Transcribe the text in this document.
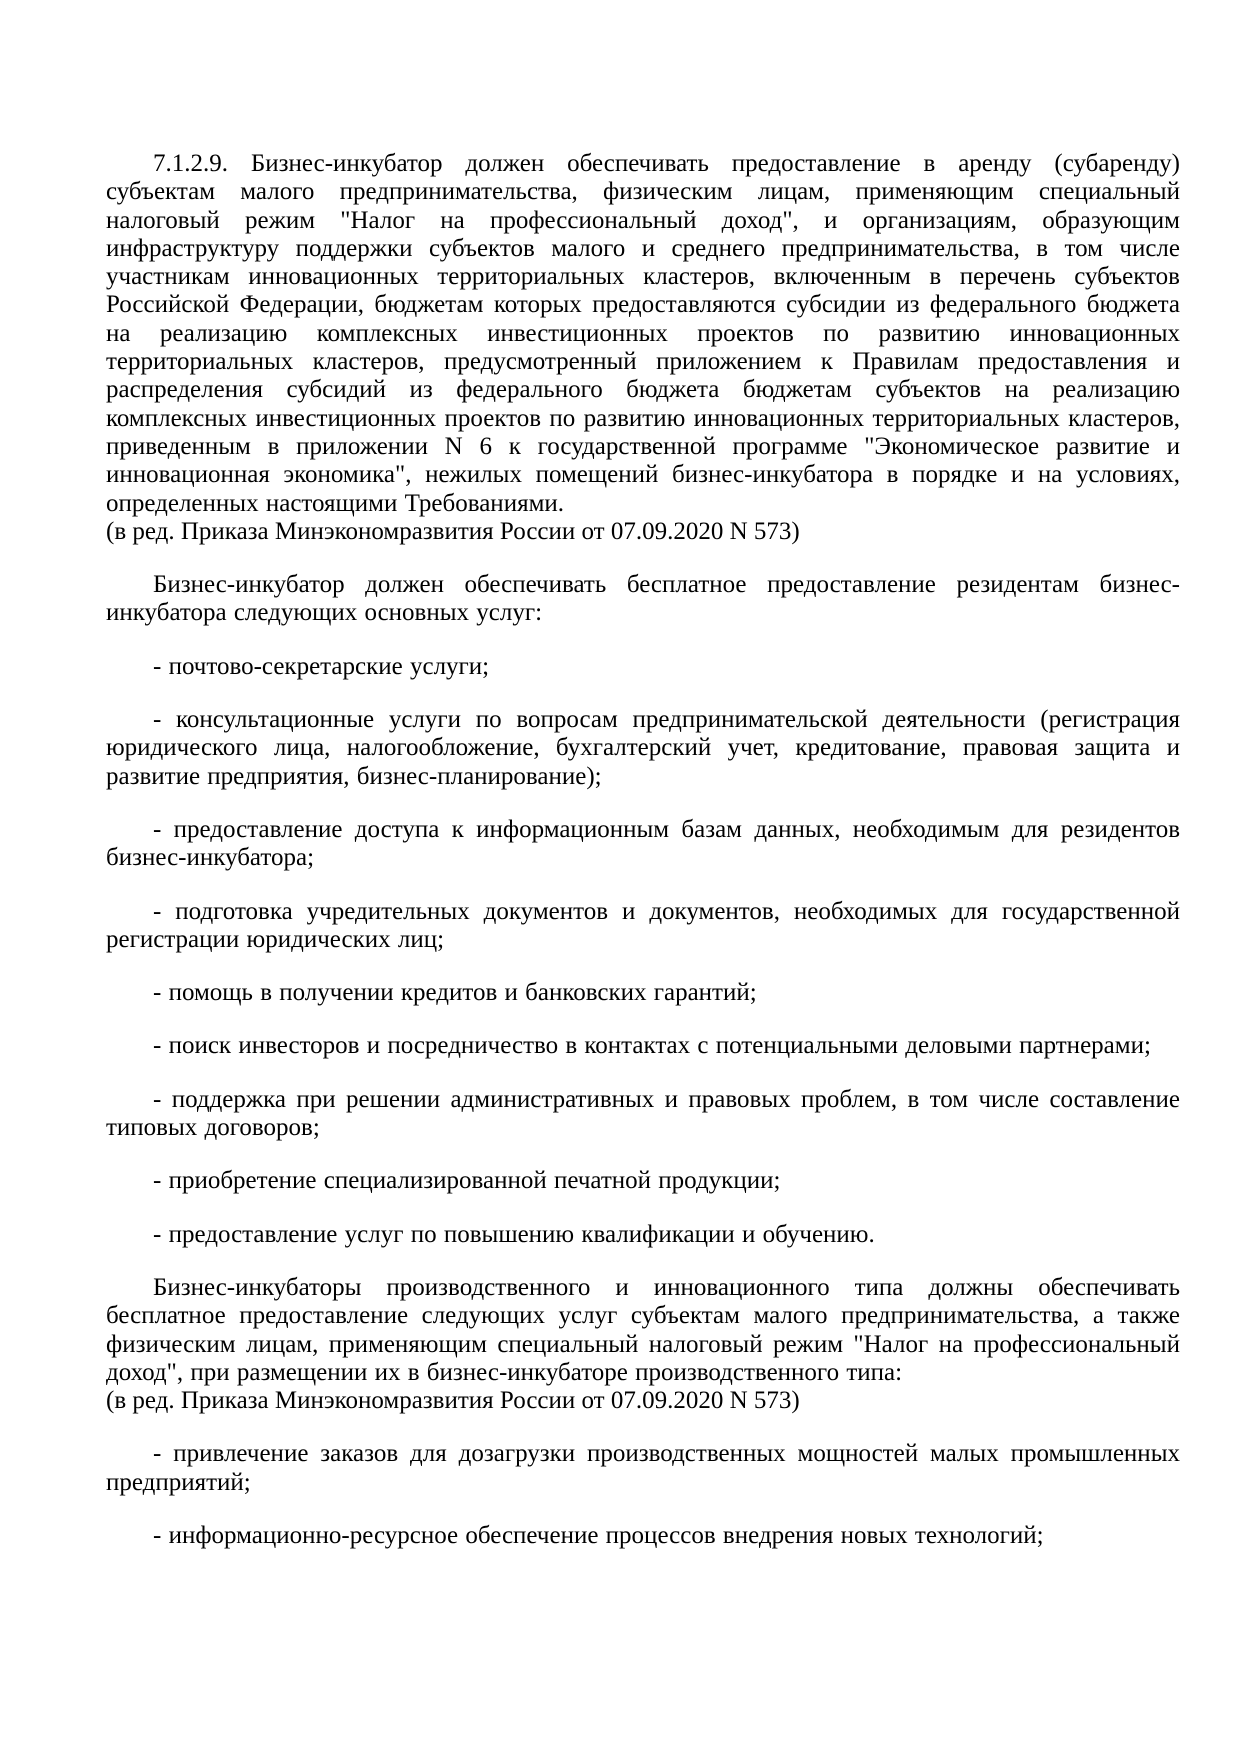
7.1.2.9. Бизнес-инкубатор должен обеспечивать предоставление в аренду (субаренду) субъектам малого предпринимательства, физическим лицам, применяющим специальный налоговый режим "Налог на профессиональный доход", и организациям, образующим инфраструктуру поддержки субъектов малого и среднего предпринимательства, в том числе участникам инновационных территориальных кластеров, включенным в перечень субъектов Российской Федерации, бюджетам которых предоставляются субсидии из федерального бюджета на реализацию комплексных инвестиционных проектов по развитию инновационных территориальных кластеров, предусмотренный приложением к Правилам предоставления и распределения субсидий из федерального бюджета бюджетам субъектов на реализацию комплексных инвестиционных проектов по развитию инновационных территориальных кластеров, приведенным в приложении N 6 к государственной программе "Экономическое развитие и инновационная экономика", нежилых помещений бизнес-инкубатора в порядке и на условиях, определенных настоящими Требованиями.

(в ред. Приказа Минэкономразвития России от 07.09.2020 N 573)

Бизнес-инкубатор должен обеспечивать бесплатное предоставление резидентам бизнес-инкубатора следующих основных услуг:

- почтово-секретарские услуги;

- консультационные услуги по вопросам предпринимательской деятельности (регистрация юридического лица, налогообложение, бухгалтерский учет, кредитование, правовая защита и развитие предприятия, бизнес-планирование);

- предоставление доступа к информационным базам данных, необходимым для резидентов бизнес-инкубатора;

- подготовка учредительных документов и документов, необходимых для государственной регистрации юридических лиц;

- помощь в получении кредитов и банковских гарантий;

- поиск инвесторов и посредничество в контактах с потенциальными деловыми партнерами;

- поддержка при решении административных и правовых проблем, в том числе составление типовых договоров;

- приобретение специализированной печатной продукции;

- предоставление услуг по повышению квалификации и обучению.

Бизнес-инкубаторы производственного и инновационного типа должны обеспечивать бесплатное предоставление следующих услуг субъектам малого предпринимательства, а также физическим лицам, применяющим специальный налоговый режим "Налог на профессиональный доход", при размещении их в бизнес-инкубаторе производственного типа:

(в ред. Приказа Минэкономразвития России от 07.09.2020 N 573)

- привлечение заказов для дозагрузки производственных мощностей малых промышленных предприятий;

- информационно-ресурсное обеспечение процессов внедрения новых технологий;
